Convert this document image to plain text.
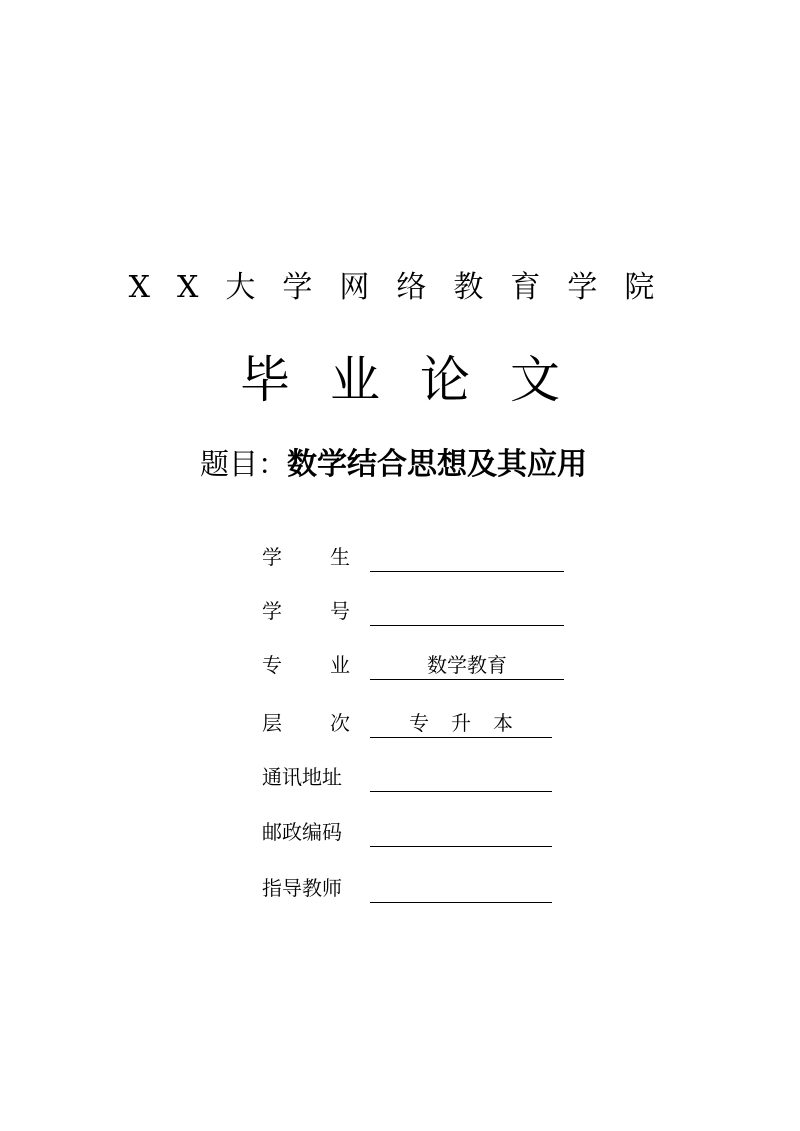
XX大学网络教育学院
毕业论文
题目：数学结合思想及其应用
学 生
学 号
专 业	数学教育
层 次	专升本
通讯地址
邮政编码
指导教师
